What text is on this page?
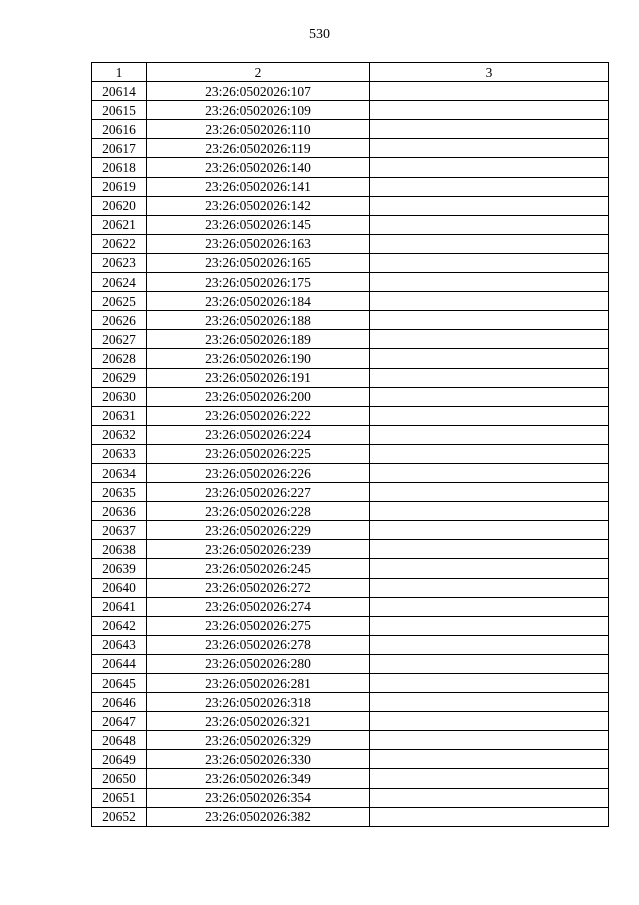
530
1	2	3
20614	23:26:0502026:107	
20615	23:26:0502026:109	
20616	23:26:0502026:110	
20617	23:26:0502026:119	
20618	23:26:0502026:140	
20619	23:26:0502026:141	
20620	23:26:0502026:142	
20621	23:26:0502026:145	
20622	23:26:0502026:163	
20623	23:26:0502026:165	
20624	23:26:0502026:175	
20625	23:26:0502026:184	
20626	23:26:0502026:188	
20627	23:26:0502026:189	
20628	23:26:0502026:190	
20629	23:26:0502026:191	
20630	23:26:0502026:200	
20631	23:26:0502026:222	
20632	23:26:0502026:224	
20633	23:26:0502026:225	
20634	23:26:0502026:226	
20635	23:26:0502026:227	
20636	23:26:0502026:228	
20637	23:26:0502026:229	
20638	23:26:0502026:239	
20639	23:26:0502026:245	
20640	23:26:0502026:272	
20641	23:26:0502026:274	
20642	23:26:0502026:275	
20643	23:26:0502026:278	
20644	23:26:0502026:280	
20645	23:26:0502026:281	
20646	23:26:0502026:318	
20647	23:26:0502026:321	
20648	23:26:0502026:329	
20649	23:26:0502026:330	
20650	23:26:0502026:349	
20651	23:26:0502026:354	
20652	23:26:0502026:382	
